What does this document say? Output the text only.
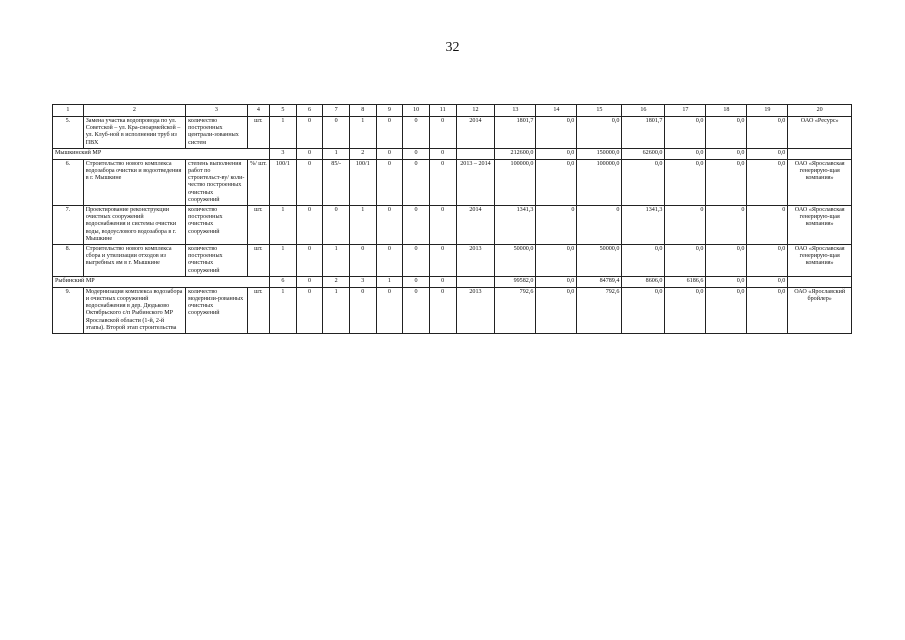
32
1	2	3	4	5	6	7	8	9	10	11	12	13	14	15	16	17	18	19	20
5.	Замена участка водопровода по ул. Советской – ул. Кра-сноармейской – ул. Клуб-ной в исполнении труб из ПВХ	количество построенных централи-зованных систем	шт.	1	0	0	1	0	0	0	2014	1801,7	0,0	0,0	1801,7	0,0	0,0	0,0	ОАО «Ресурс»
Мышкинский МР				3	0	1	2	0	0	0		212600,0	0,0	150000,0	62600,0	0,0	0,0	0,0	
6.	Строительство нового комплекса водозабора очистки и водоотведения в г. Мышкине	степень выполнения работ по строительст-ву/ коли-чество построенных очистных сооружений	%/ шт.	100/1	0	85/-	100/1	0	0	0	2013 – 2014	100000,0	0,0	100000,0	0,0	0,0	0,0	0,0	ОАО «Ярославская генерирую-щая компания»
7.	Проектирование реконструкции очистных сооружений водоснабжения и системы очистки воды, водоуслового водозабора в г. Мышкине	количество построенных очистных сооружений	шт.	1	0	0	1	0	0	0	2014	1341,3	0	0	1341,3	0	0	0	ОАО «Ярославская генерирую-щая компания»
8.	Строительство нового комплекса сбора и утилизации отходов из выгребных ям в г. Мышкине	количество построенных очистных сооружений	шт.	1	0	1	0	0	0	0	2013	50000,0	0,0	50000,0	0,0	0,0	0,0	0,0	ОАО «Ярославская генерирую-щая компания»
Рыбинский МР				6	0	2	3	1	0	0		99582,0	0,0	84789,4	8606,0	6186,6	0,0	0,0	
9.	Модернизация комплекса водозабора и очистных сооружений водоснабжения в дер. Дюдьково Октябрьского с/п Рыбинского МР Ярославской области (1-й, 2-й этапы). Второй этап строительства	количество модернизи-рованных очистных сооружений	шт.	1	0	1	0	0	0	0	2013	792,6	0,0	792,6	0,0	0,0	0,0	0,0	ОАО «Ярославский бройлер»
